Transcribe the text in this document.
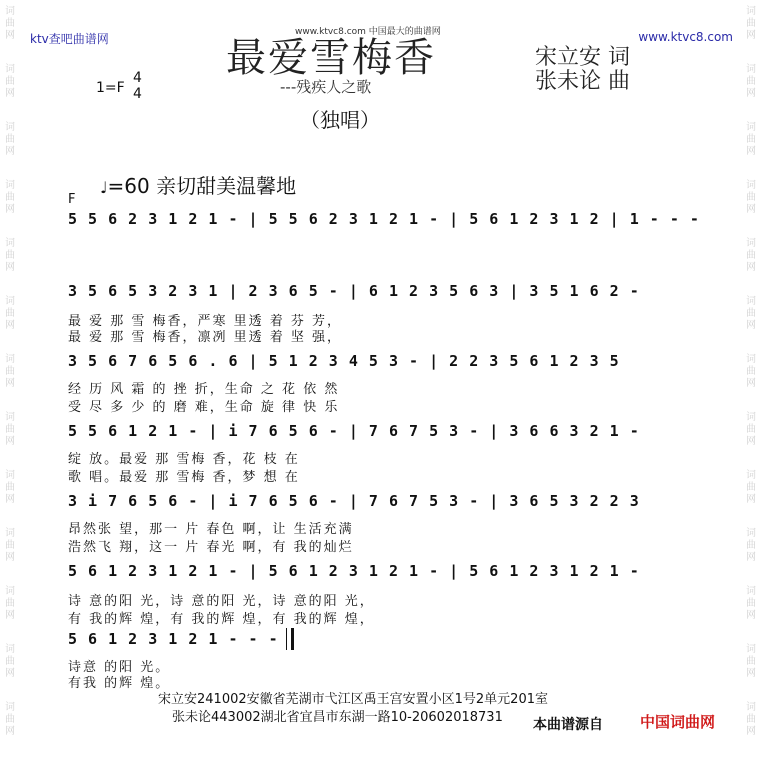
词
曲
网
词
曲
网
词
曲
网
词
曲
网
词
曲
网
词
曲
网
词
曲
网
词
曲
网
词
曲
网
词
曲
网
词
曲
网
词
曲
网
词
曲
网
词
曲
网
词
曲
网
词
曲
网
词
曲
网
词
曲
网
词
曲
网
词
曲
网
词
曲
网
词
曲
网
词
曲
网
词
曲
网
词
曲
网
词
曲
网
ktv查吧曲谱网	www.ktvc8.com
www.ktvc8.com 中国最大的曲谱网
最爱雪梅香
---残疾人之歌
（独唱）
宋立安 词
张未论 曲
1=F
4
4
♩=60 亲切甜美温馨地
F
5 5 6 2 3 1 2 1 - | 5 5 6 2 3 1 2 1 - | 5 6 1 2 3 1 2 | 1 - - -
3 5 6 5 3 2 3 1 | 2 3 6 5 - | 6 1 2 3 5 6 3 | 3 5 1 6 2 -
最 爱 那 雪 梅香，严寒 里透 着 芬 芳，
最 爱 那 雪 梅香，凛冽 里透 着 坚 强，
3 5 6 7 6 5 6 . 6 | 5 1 2 3 4 5 3 - | 2 2 3 5 6 1 2 3 5
经 历 风 霜 的 挫 折，生命 之 花 依 然
受 尽 多 少 的 磨 难，生命 旋 律 快 乐
5 5 6 1 2 1 - | i 7 6 5 6 - | 7 6 7 5 3 - | 3 6 6 3 2 1 -
绽 放。最爱 那 雪梅 香，花 枝 在
歌 唱。最爱 那 雪梅 香，梦 想 在
3 i 7 6 5 6 - | i 7 6 5 6 - | 7 6 7 5 3 - | 3 6 5 3 2 2 3
昂然张 望，那一 片 春色 啊，让 生活充满
浩然飞 翔，这一 片 春光 啊，有 我的灿烂
5 6 1 2 3 1 2 1 - | 5 6 1 2 3 1 2 1 - | 5 6 1 2 3 1 2 1 -
诗 意的阳 光，诗 意的阳 光，诗 意的阳 光，
有 我的辉 煌，有 我的辉 煌，有 我的辉 煌，
5 6 1 2 3 1 2 1 - - -
诗意 的阳 光。
有我 的辉 煌。
宋立安241002安徽省芜湖市弋江区禹王宫安置小区1号2单元201室
张未论443002湖北省宜昌市东湖一路10-20602018731 本曲谱源自 中国词曲网
